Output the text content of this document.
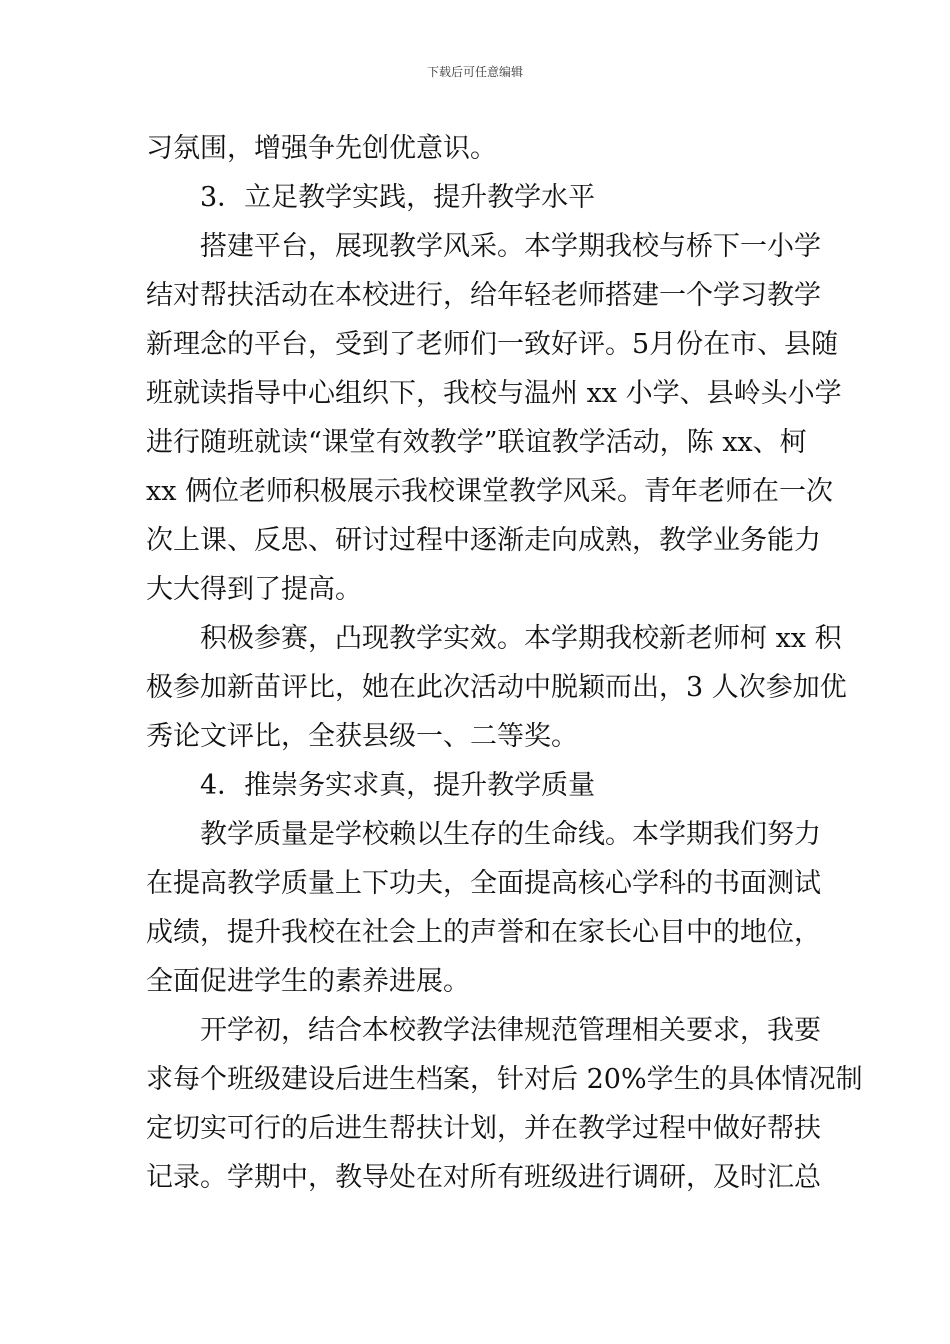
下载后可任意编辑
习氛围，增强争先创优意识。
3．立足教学实践，提升教学水平
搭建平台，展现教学风采。本学期我校与桥下一小学
结对帮扶活动在本校进行，给年轻老师搭建一个学习教学
新理念的平台，受到了老师们一致好评。5月份在市、县随
班就读指导中心组织下，我校与温州 xx 小学、县岭头小学
进行随班就读“课堂有效教学”联谊教学活动，陈 xx、柯
xx 俩位老师积极展示我校课堂教学风采。青年老师在一次
次上课、反思、研讨过程中逐渐走向成熟，教学业务能力
大大得到了提高。
积极参赛，凸现教学实效。本学期我校新老师柯 xx 积
极参加新苗评比，她在此次活动中脱颖而出，3 人次参加优
秀论文评比，全获县级一、二等奖。
4．推崇务实求真，提升教学质量
教学质量是学校赖以生存的生命线。本学期我们努力
在提高教学质量上下功夫，全面提高核心学科的书面测试
成绩，提升我校在社会上的声誉和在家长心目中的地位，
全面促进学生的素养进展。
开学初，结合本校教学法律规范管理相关要求，我要
求每个班级建设后进生档案，针对后 20%学生的具体情况制
定切实可行的后进生帮扶计划，并在教学过程中做好帮扶
记录。学期中，教导处在对所有班级进行调研，及时汇总
